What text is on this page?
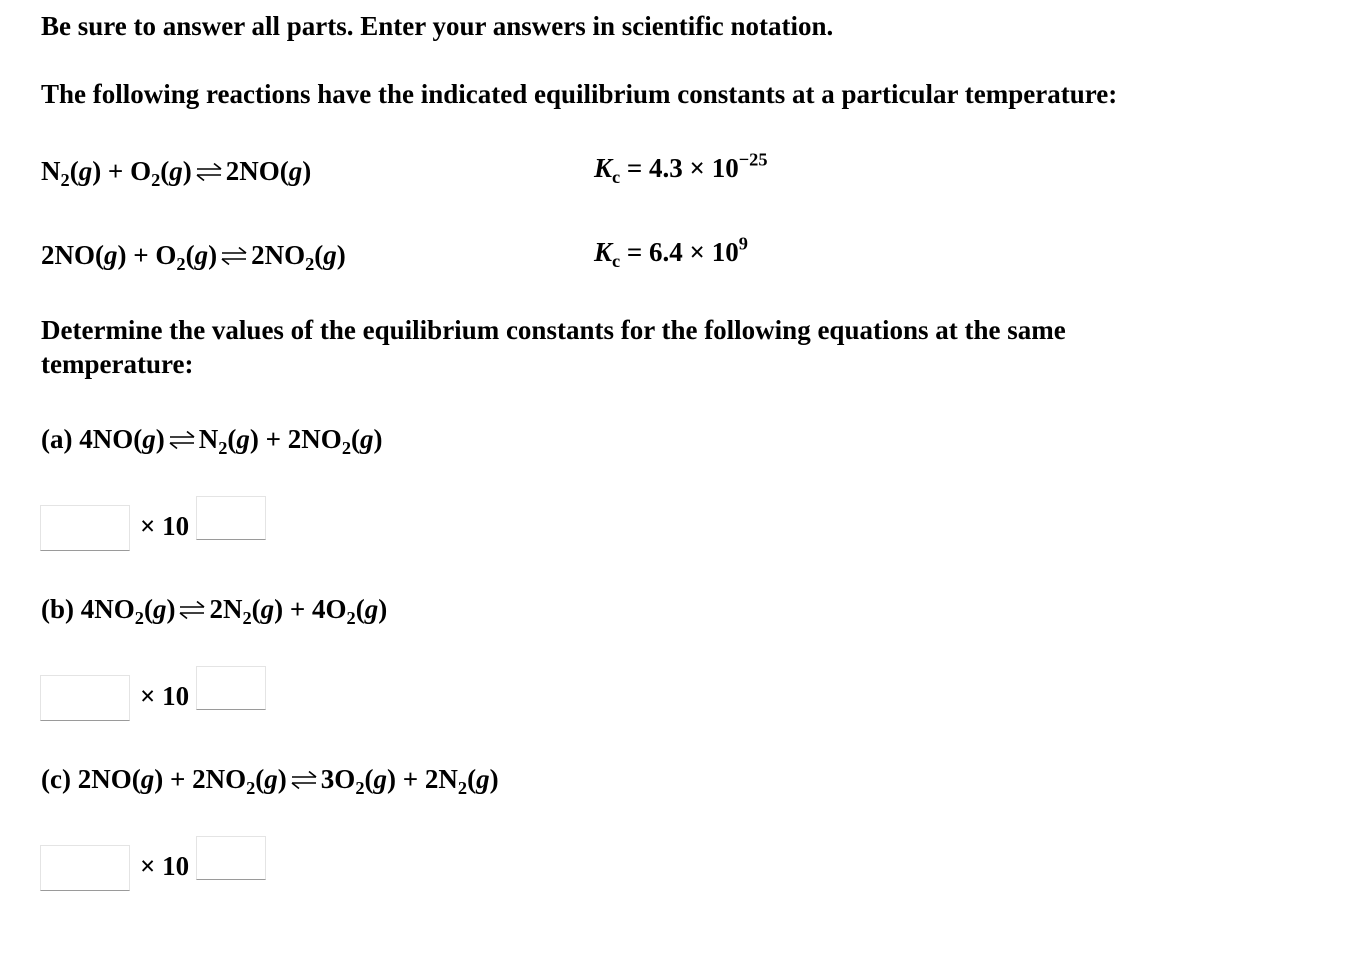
Be sure to answer all parts. Enter your answers in scientific notation.
The following reactions have the indicated equilibrium constants at a particular temperature:
$N_2(g) + O_2(g)$ 2NO(g)	$K_c = 4.3 \times 10^{-25}$
$2NO(g) + O_2(g)$ $2NO_2(g)$	$K_c = 6.4 \times 10^9$
Determine the values of the equilibrium constants for the following equations at the same
temperature:
(a) 4NO(g) $N_2(g) + 2NO_2(g)$
× 10
(b) $4NO_2(g) 2N_2(g) + 4O_2(g)$
× 10
(c) $2NO(g) + 2NO_2(g) 3O_2(g) + 2N_2(g)$
× 10
